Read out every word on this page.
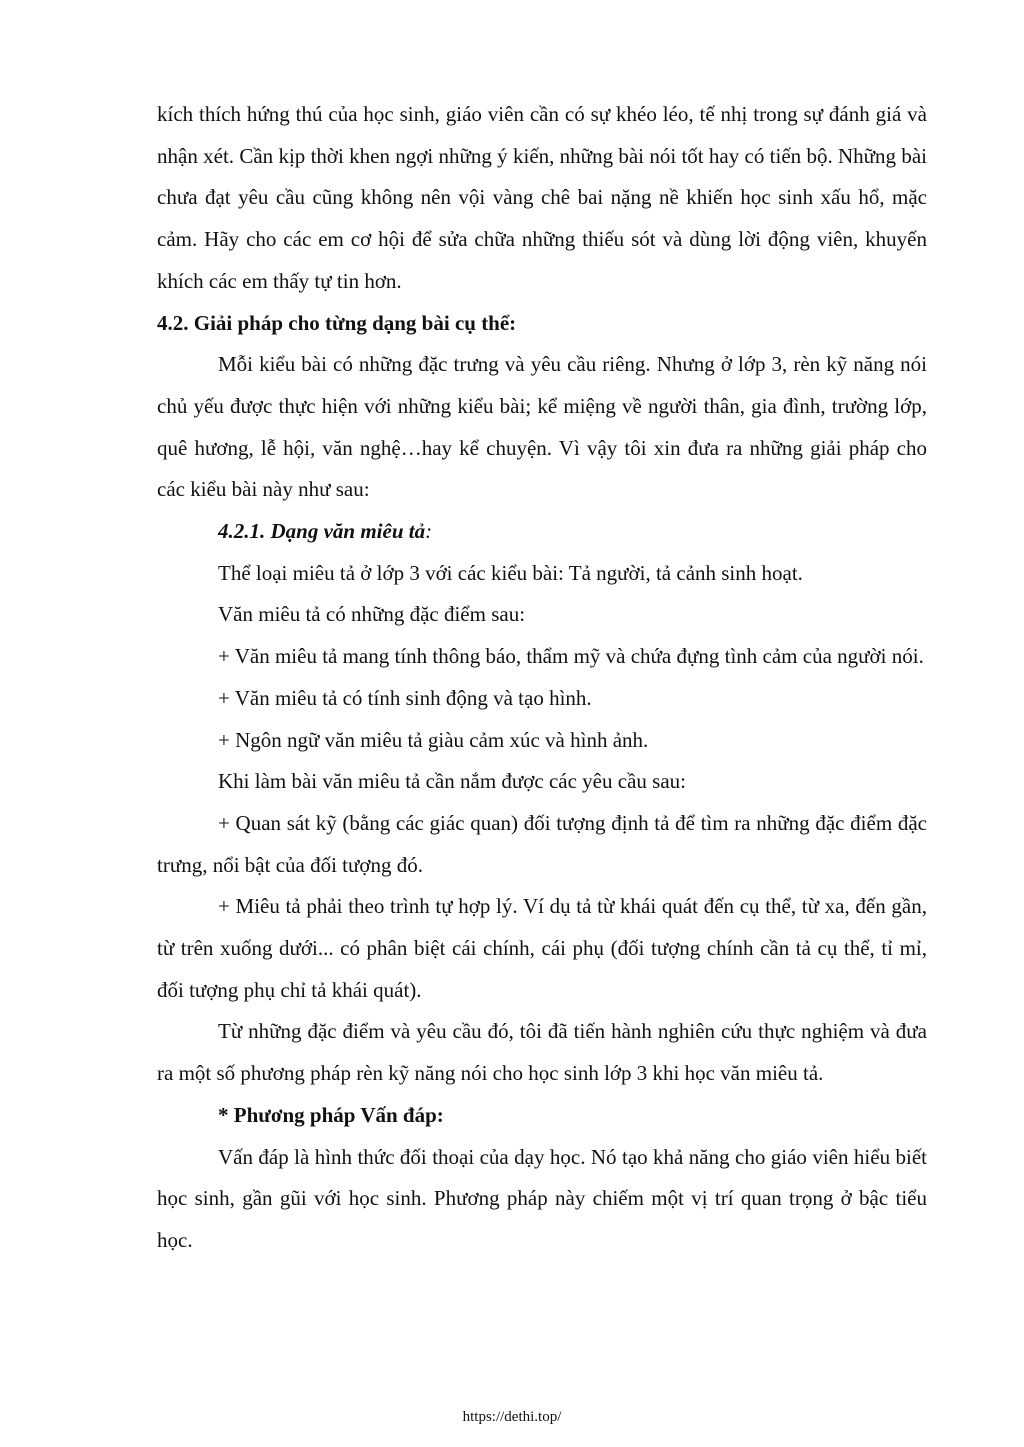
kích thích hứng thú của học sinh, giáo viên cần có sự khéo léo, tế nhị trong sự đánh giá và nhận xét. Cần kịp thời khen ngợi những ý kiến, những bài nói tốt hay có tiến bộ. Những bài chưa đạt yêu cầu cũng không nên vội vàng chê bai nặng nề khiến học sinh xấu hổ, mặc cảm. Hãy cho các em cơ hội để sửa chữa những thiếu sót và dùng lời động viên, khuyến khích các em thấy tự tin hơn.

4.2. Giải pháp cho từng dạng bài cụ thể:

Mỗi kiểu bài có những đặc trưng và yêu cầu riêng. Nhưng ở lớp 3, rèn kỹ năng nói chủ yếu được thực hiện với những kiểu bài; kể miệng về người thân, gia đình, trường lớp, quê hương, lễ hội, văn nghệ…hay kể chuyện. Vì vậy tôi xin đưa ra những giải pháp cho các kiểu bài này như sau:

4.2.1. Dạng văn miêu tả:

Thể loại miêu tả ở lớp 3 với các kiểu bài: Tả người, tả cảnh sinh hoạt.

Văn miêu tả có những đặc điểm sau:

+ Văn miêu tả mang tính thông báo, thẩm mỹ và chứa đựng tình cảm của người nói.

+ Văn miêu tả có tính sinh động và tạo hình.

+ Ngôn ngữ văn miêu tả giàu cảm xúc và hình ảnh.

Khi làm bài văn miêu tả cần nắm được các yêu cầu sau:

+ Quan sát kỹ (bằng các giác quan) đối tượng định tả để tìm ra những đặc điểm đặc trưng, nổi bật của đối tượng đó.

+ Miêu tả phải theo trình tự hợp lý. Ví dụ tả từ khái quát đến cụ thể, từ xa, đến gần, từ trên xuống dưới... có phân biệt cái chính, cái phụ (đối tượng chính cần tả cụ thể, tỉ mỉ, đối tượng phụ chỉ tả khái quát).

Từ những đặc điểm và yêu cầu đó, tôi đã tiến hành nghiên cứu thực nghiệm và đưa ra một số phương pháp rèn kỹ năng nói cho học sinh lớp 3 khi học văn miêu tả.

* Phương pháp Vấn đáp:

Vấn đáp là hình thức đối thoại của dạy học. Nó tạo khả năng cho giáo viên hiểu biết học sinh, gần gũi với học sinh. Phương pháp này chiếm một vị trí quan trọng ở bậc tiểu học.

https://dethi.top/
